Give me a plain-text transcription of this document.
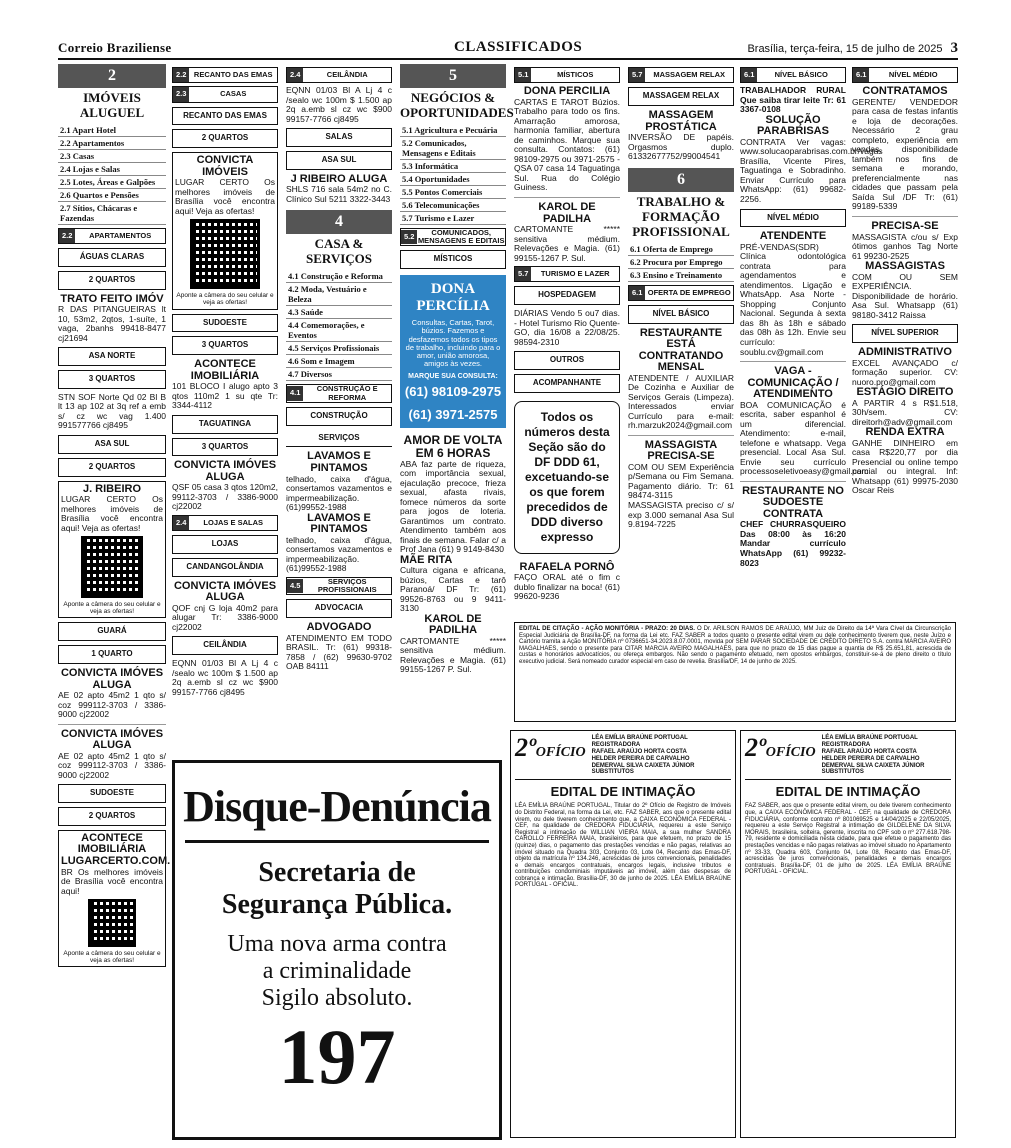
Correio Braziliense	CLASSIFICADOS	Brasília, terça-feira, 15 de julho de 2025 3
2
IMÓVEIS ALUGUEL
2.1 Apart Hotel
2.2 Apartamentos
2.3 Casas
2.4 Lojas e Salas
2.5 Lotes, Áreas e Galpões
2.6 Quartos e Pensões
2.7 Sítios, Chácaras e Fazendas
2.2	APARTAMENTOS
ÁGUAS CLARAS
2 QUARTOS
TRATO FEITO IMÓV

R DAS PITANGUEIRAS lt 10, 53m2, 2qtos, 1-suíte, 1 vaga, 2banhs 99418-8477 cj21694

ASA NORTE
3 QUARTOS

STN SOF Norte Qd 02 Bl B lt 13 ap 102 at 3q ref a emb s/ cz wc vag 1.400 991577766 cj8495

ASA SUL
2 QUARTOS
J. RIBEIRO

LUGAR CERTO Os melhores imóveis de Brasília você encontra aqui! Veja as ofertas!

Aponte a câmera do seu celular e veja as ofertas!
GUARÁ
1 QUARTO
CONVICTA IMÓVES ALUGA

AE 02 apto 45m2 1 qto s/ coz 999112-3703 / 3386-9000 cj22002

CONVICTA IMÓVES ALUGA

AE 02 apto 45m2 1 qto s/ coz 999112-3703 / 3386-9000 cj22002

SUDOESTE
2 QUARTOS
ACONTECE IMOBILIÁRIA LUGARCERTO.COM.

BR Os melhores imóveis de Brasília você encontra aqui!

Aponte a câmera do seu celular e veja as ofertas!
2.2 RECANTO DAS EMAS
2.3	CASAS
RECANTO DAS EMAS
2 QUARTOS
CONVICTA IMÓVEIS

LUGAR CERTO Os melhores imóveis de Brasília você encontra aqui! Veja as ofertas!

Aponte a câmera do seu celular e veja as ofertas!
SUDOESTE
3 QUARTOS
ACONTECE IMOBILIÁRIA

101 BLOCO I alugo apto 3 qtos 110m2 1 su qte Tr: 3344-4112

TAGUATINGA
3 QUARTOS
CONVICTA IMÓVES ALUGA

QSF 05 casa 3 qtos 120m2, 99112-3703 / 3386-9000 cj22002

2.4	LOJAS E SALAS
LOJAS
CANDANGOLÂNDIA
CONVICTA IMÓVES ALUGA

QOF cnj G loja 40m2 para alugar Tr: 3386-9000 cj22002

CEILÂNDIA

EQNN 01/03 Bl A Lj 4 c /sealo wc 100m $ 1.500 ap 2q a.emb sl cz wc $900 99157-7766 cj8495

2.4	CEILÂNDIA

EQNN 01/03 Bl A Lj 4 c /sealo wc 100m $ 1.500 ap 2q a.emb sl cz wc $900 99157-7766 cj8495

SALAS
ASA SUL
J RIBEIRO ALUGA

SHLS 716 sala 54m2 no C. Clínico Sul 5211 3322-3443

4
CASA & SERVIÇOS
4.1 Construção e Reforma
4.2 Moda, Vestuário e Beleza
4.3 Saúde
4.4 Comemorações, e Eventos
4.5 Serviços Profissionais
4.6 Som e Imagem
4.7 Diversos
4.1	CONSTRUÇÃO E REFORMA
CONSTRUÇÃO
SERVIÇOS
LAVAMOS E PINTAMOS

telhado, caixa d'água, consertamos vazamentos e impermeabilização. (61)99552-1988

LAVAMOS E PINTAMOS

telhado, caixa d'água, consertamos vazamentos e impermeabilização. (61)99552-1988

4.5	SERVIÇOS PROFISSIONAIS
ADVOCACIA
ADVOGADO

ATENDIMENTO EM TODO BRASIL. Tr: (61) 99318-7858 / (62) 99630-9702 OAB 84111

5
NEGÓCIOS & OPORTUNIDADES
5.1 Agricultura e Pecuária
5.2 Comunicados, Mensagens e Editais
5.3 Informática
5.4 Oportunidades
5.5 Pontos Comerciais
5.6 Telecomunicações
5.7 Turismo e Lazer
5.2	COMUNICADOS, MENSAGENS E EDITAIS
MÍSTICOS
DONA PERCÍLIA
Consultas, Cartas, Tarot, búzios. Fazemos e desfazemos todos os tipos de trabalho, incluindo para o amor, união amorosa, amigos às vezes.
MARQUE SUA CONSULTA:
(61) 98109-2975
(61) 3971-2575
AMOR DE VOLTA EM 6 HORAS

ABA faz parte de riqueza, com importância sexual, ejaculação precoce, frieza sexual, afasta rivais, fomece números da sorte para jogos de loteria. Garantimos um contrato. Atendimento também aos finais de semana. Falar c/ a Prof Jana (61) 9 9149-8430

MÃE RITA

Cultura cigana e africana, búzios, Cartas e tarô Paranoá/ DF Tr: (61) 99526-8763 ou 9 9411-3130

KAROL DE PADILHA

CARTOMANTE ***** sensitiva médium. Relevações e Magia. (61) 99155-1267 P. Sul.

5.1	MÍSTICOS
DONA PERCILIA

CARTAS E TAROT Búzios. Trabalho para todo os fins. Amarração amorosa, harmonia familiar, abertura de caminhos. Marque sua consulta. Contatos: (61) 98109-2975 ou 3971-2575 - QSA 07 casa 14 Taguatinga Sul. Rua do Colégio Guiness.

KAROL DE PADILHA

CARTOMANTE ***** sensitiva médium. Relevações e Magia. (61) 99155-1267 P. Sul.

5.7	TURISMO E LAZER
HOSPEDAGEM

DIÁRIAS Vendo 5 ou7 dias. - Hotel Turismo Rio Quente-GO, dia 16/08 a 22/08/25. 98594-2310

OUTROS
ACOMPANHANTE
Todos os números desta Seção são do DF DDD 61, excetuando-se os que forem precedidos de DDD diverso expresso
RAFAELA PORNÔ

FAÇO ORAL até o fim c dublo finalizar na boca! (61) 99620-9236

5.7	MASSAGEM RELAX
MASSAGEM RELAX
MASSAGEM PROSTÁTICA

INVERSÃO DE papéis. Orgasmos duplo. 61332677752/99004541

6
TRABALHO & FORMAÇÃO PROFISSIONAL
6.1 Oferta de Emprego
6.2 Procura por Emprego
6.3 Ensino e Treinamento
6.1 OFERTA DE EMPREGO
NÍVEL BÁSICO
RESTAURANTE ESTÁ CONTRATANDO MENSAL

ATENDENTE / AUXILIAR De Cozinha e Auxiliar de Serviços Gerais (Limpeza). Interessados enviar Currículo para e-mail: rh.marzuk2024@gmail.com

MASSAGISTA PRECISA-SE

COM OU SEM Experiência p/Semana ou Fim Semana. Pagamento diário. Tr: 61 98474-3115

MASSAGISTA preciso c/ s/ exp 3.000 semanal Asa Sul 9.8194-7225

6.1	NÍVEL BÁSICO

TRABALHADOR RURAL Que saiba tirar leite Tr: 61 3367-0108

SOLUÇÃO PARABRISAS

CONTRATA Ver vagas: www.solucaoparabrisas.com.br/vagas Brasília, Vicente Pires, Taguatinga e Sobradinho. Enviar Currículo para WhatsApp: (61) 99682-2256.

NÍVEL MÉDIO
ATENDENTE

PRÉ-VENDAS(SDR) Clínica odontológica contrata para agendamentos e atendimentos. Ligação e WhatsApp. Asa Norte - Shopping Conjunto Nacional. Segunda à sexta das 8h às 18h e sábado das 08h às 12h. Envie seu currículo: soublu.cv@gmail.com

VAGA - COMUNICAÇÃO / ATENDIMENTO

BOA COMUNICAÇÃO é escrita, saber espanhol é um diferencial. Atendimento: e-mail, telefone e whatsapp. Vega presencial. Local Asa Sul. Envie seu currículo processoseletivoeasy@gmail.com

RESTAURANTE NO SUDOESTE CONTRATA

CHEF CHURRASQUEIRO Das 08:00 às 16:20 Mandar currículo WhatsApp (61) 99232-8023

6.1	NÍVEL MÉDIO
CONTRATAMOS

GERENTE/ VENDEDOR para casa de festas infantis e loja de decorações. Necessário 2 grau completo, experiência em vendas, disponibilidade também nos fins de semana e morando, preferencialmente nas cidades que passam pela Saída Sul /DF Tr: (61) 99189-5339

PRECISA-SE

MASSAGISTA c/ou s/ Exp ótimos ganhos Tag Norte 61 99230-2525

MASSAGISTAS

COM OU SEM EXPERIÊNCIA. Disponibilidade de horário. Asa Sul. Whatsapp (61) 98180-3412 Raissa

NÍVEL SUPERIOR
ADMINISTRATIVO

EXCEL AVANÇADO c/ formação superior. CV: nuoro.pro@gmail.com

ESTÁGIO DIREITO

A PARTIR 4 s R$1.518, 30h/sem. CV: direitorh@adv@gmail.com

RENDA EXTRA

GANHE DINHEIRO em casa R$220,77 por dia Presencial ou online tempo parcial ou integral. Inf: Whatsapp (61) 99975-2030 Oscar Reis

EDITAL DE CITAÇÃO - AÇÃO MONITÓRIA - PRAZO: 20 DIAS. O Dr. ARILSON RAMOS DE ARAÚJO, MM Juiz de Direito da 14ª Vara Cível da Circunscrição Especial Judiciária de Brasília-DF, na forma da Lei etc. FAZ SABER a todos quanto o presente edital virem ou dele conhecimento tiverem que, neste Juízo e Cartório tramita a Ação MONITÓRIA nº 0736651-34.2023.8.07.0001, movida por SEM PARAR SOCIEDADE DE CRÉDITO DIRETO S.A. contra MARCIA AVEIRO MAGALHAES, sendo o presente para CITAR MARCIA AVEIRO MAGALHAES, para que no prazo de 15 dias pague a quantia de R$ 25.651,81, acrescida de custas e honorários advocatícios, ou ofereça embargos. Não sendo o pagamento efetuado, nem opostos embargos, constituir-se-á de pleno direito o título executivo judicial. Será nomeado curador especial em caso de revelia. Brasília/DF, 14 de junho de 2025.
Disque-Denúncia
Secretaria de
Segurança Pública.
Uma nova arma contra
a criminalidade
Sigilo absoluto.
197
2ºOFÍCIO
LÉA EMÍLIA BRAÚNE PORTUGAL
REGISTRADORA
RAFAEL ARAÚJO HORTA COSTA
HELDER PEREIRA DE CARVALHO
DEMERVAL SILVA CAIXETA JÚNIOR
SUBSTITUTOS
EDITAL DE INTIMAÇÃO
LÉA EMÍLIA BRAÚNE PORTUGAL, Titular do 2º Ofício de Registro de Imóveis do Distrito Federal, na forma da Lei, etc. FAZ SABER, aos que o presente edital virem, ou dele tiverem conhecimento que, a CAIXA ECONÔMICA FEDERAL - CEF, na qualidade de CREDORA FIDUCIÁRIA, requereu a este Serviço Registral a intimação de WILLIAN VIEIRA MAIA, a sua mulher SANDRA CAROLLO FERREIRA MAIA, brasileiros, para que efetuem, no prazo de 15 (quinze) dias, o pagamento das prestações vencidas e não pagas, relativas ao imóvel situado na Quadra 303, Conjunto 03, Lote 04, Recanto das Emas-DF, objeto da matrícula nº 134.246, acrescidas de juros convencionais, penalidades e demais encargos contratuais, encargos legais, inclusive tributos e contribuições condominiais imputáveis ao imóvel, além das despesas de cobrança e intimação. Brasília-DF, 30 de junho de 2025. LÉA EMÍLIA BRAÚNE PORTUGAL - OFICIAL.
2ºOFÍCIO
LÉA EMÍLIA BRAÚNE PORTUGAL
REGISTRADORA
RAFAEL ARAÚJO HORTA COSTA
HELDER PEREIRA DE CARVALHO
DEMERVAL SILVA CAIXETA JÚNIOR
SUBSTITUTOS
EDITAL DE INTIMAÇÃO
FAZ SABER, aos que o presente edital virem, ou dele tiverem conhecimento que, a CAIXA ECONÔMICA FEDERAL - CEF, na qualidade de CREDORA FIDUCIÁRIA, conforme contrato nº 801069525 e 14/04/2025 e 22/05/2025, requereu a este Serviço Registral a intimação de GILDELENE DA SILVA MORAIS, brasileira, solteira, gerente, inscrita no CPF sob o nº 277.618.798-79, residente e domiciliada nesta cidade, para que efetue o pagamento das prestações vencidas e não pagas relativas ao imóvel situado no Apartamento nº 33-33, Quadra 603, Conjunto 04, Lote 08, Recanto das Emas-DF, acrescidas de juros convencionais, penalidades e demais encargos contratuais. Brasília-DF, 01 de julho de 2025. LÉA EMÍLIA BRAÚNE PORTUGAL - OFICIAL.
